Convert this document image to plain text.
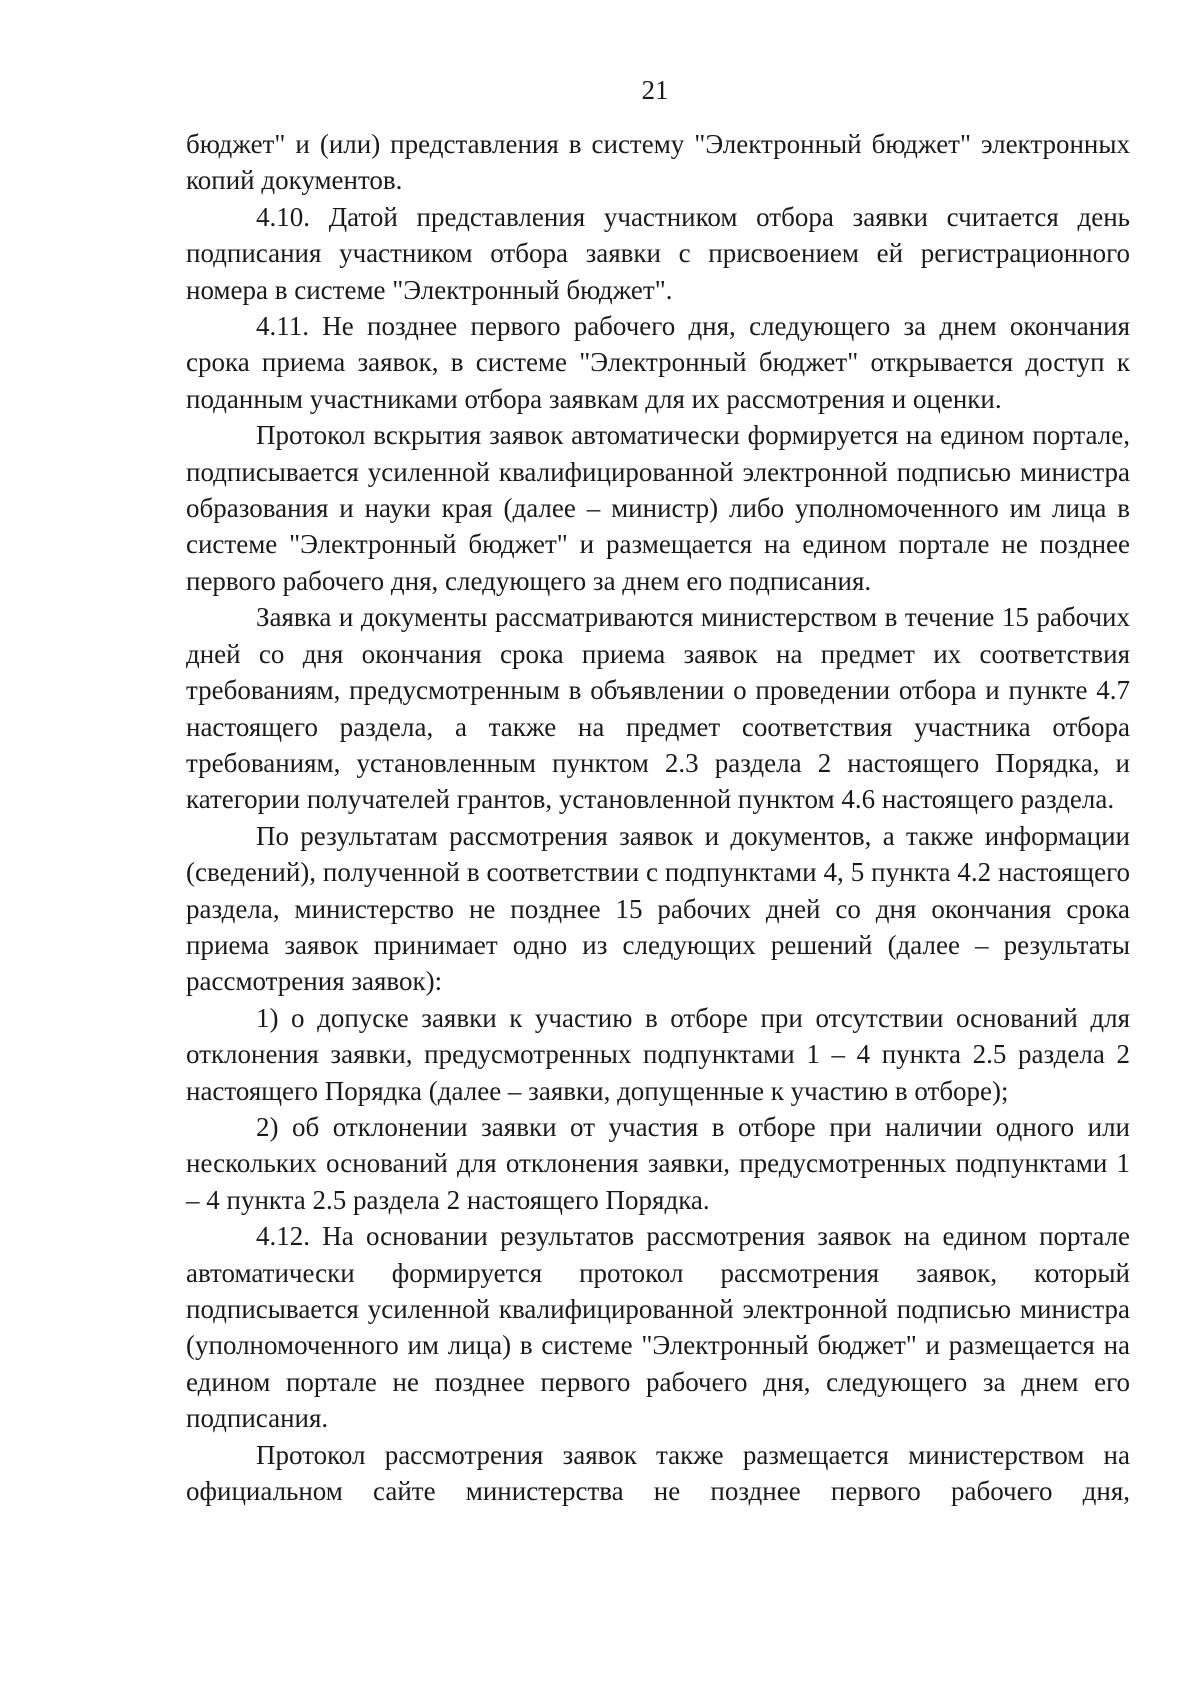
21

бюджет" и (или) представления в систему "Электронный бюджет" электронных копий документов.

4.10. Датой представления участником отбора заявки считается день подписания участником отбора заявки с присвоением ей регистрационного номера в системе "Электронный бюджет".

4.11. Не позднее первого рабочего дня, следующего за днем окончания срока приема заявок, в системе "Электронный бюджет" открывается доступ к поданным участниками отбора заявкам для их рассмотрения и оценки.

Протокол вскрытия заявок автоматически формируется на едином портале, подписывается усиленной квалифицированной электронной подписью министра образования и науки края (далее – министр) либо уполномоченного им лица в системе "Электронный бюджет" и размещается на едином портале не позднее первого рабочего дня, следующего за днем его подписания.

Заявка и документы рассматриваются министерством в течение 15 рабочих дней со дня окончания срока приема заявок на предмет их соответствия требованиям, предусмотренным в объявлении о проведении отбора и пункте 4.7 настоящего раздела, а также на предмет соответствия участника отбора требованиям, установленным пунктом 2.3 раздела 2 настоящего Порядка, и категории получателей грантов, установленной пунктом 4.6 настоящего раздела.

По результатам рассмотрения заявок и документов, а также информации (сведений), полученной в соответствии с подпунктами 4, 5 пункта 4.2 настоящего раздела, министерство не позднее 15 рабочих дней со дня окончания срока приема заявок принимает одно из следующих решений (далее – результаты рассмотрения заявок):

1) о допуске заявки к участию в отборе при отсутствии оснований для отклонения заявки, предусмотренных подпунктами 1 – 4 пункта 2.5 раздела 2 настоящего Порядка (далее – заявки, допущенные к участию в отборе);

2) об отклонении заявки от участия в отборе при наличии одного или нескольких оснований для отклонения заявки, предусмотренных подпунктами 1 – 4 пункта 2.5 раздела 2 настоящего Порядка.

4.12. На основании результатов рассмотрения заявок на едином портале автоматически формируется протокол рассмотрения заявок, который подписывается усиленной квалифицированной электронной подписью министра (уполномоченного им лица) в системе "Электронный бюджет" и размещается на едином портале не позднее первого рабочего дня, следующего за днем его подписания.

Протокол рассмотрения заявок также размещается министерством на официальном сайте министерства не позднее первого рабочего дня,
